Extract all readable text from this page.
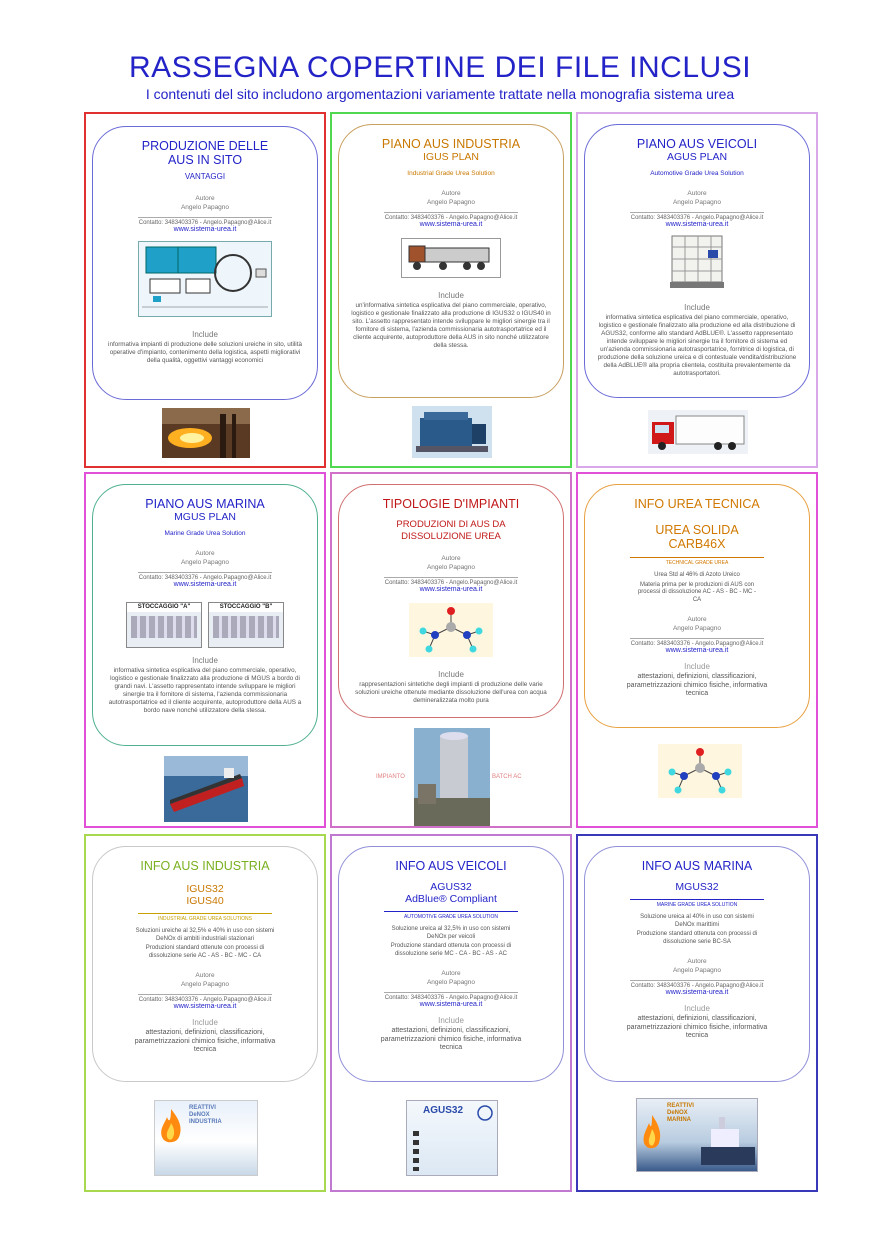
RASSEGNA COPERTINE DEI FILE INCLUSI
I contenuti del sito includono argomentazioni variamente trattate nella monografia sistema urea
PRODUZIONE DELLE
AUS IN SITO
VANTAGGI
Autore
Angelo Papagno
Contatto: 3483403376 - Angelo.Papagno@Alice.it
www.sistema-urea.it
Include
informativa impianti di produzione delle soluzioni ureiche in sito, utilità operative d'impianto, contenimento della logistica, aspetti migliorativi della qualità, oggettivi vantaggi economici
PIANO AUS INDUSTRIA
IGUS PLAN
Industrial Grade Urea Solution
Autore
Angelo Papagno
Contatto: 3483403376 - Angelo.Papagno@Alice.it
www.sistema-urea.it
Include
un'informativa sintetica esplicativa del piano commerciale, operativo, logistico e gestionale finalizzato alla produzione di IGUS32 o IGUS40 in sito. L'assetto rappresentato intende sviluppare le migliori sinergie tra il fornitore di sistema, l'azienda commissionaria autotrasportatrice ed il cliente acquirente, autoproduttore della AUS in sito nonché utilizzatore della stessa.
PIANO AUS VEICOLI
AGUS PLAN
Automotive Grade Urea Solution
Autore
Angelo Papagno
Contatto: 3483403376 - Angelo.Papagno@Alice.it
www.sistema-urea.it
Include
informativa sintetica esplicativa del piano commerciale, operativo, logistico e gestionale finalizzato alla produzione ed alla distribuzione di AGUS32, conforme allo standard AdBLUE®. L'assetto rappresentato intende sviluppare le migliori sinergie tra il fornitore di sistema ed un'azienda commissionaria autotrasportatrice, fornitrice di logistica, di produzione della soluzione ureica e di contestuale vendita/distribuzione della AdBLUE® alla propria clientela, costituita prevalentemente da autotrasportatori.
PIANO AUS MARINA
MGUS PLAN
Marine Grade Urea Solution
Autore
Angelo Papagno
Contatto: 3483403376 - Angelo.Papagno@Alice.it
www.sistema-urea.it
STOCCAGGIO "A"	STOCCAGGIO "B"
Include
informativa sintetica esplicativa del piano commerciale, operativo, logistico e gestionale finalizzato alla produzione di MGUS a bordo di grandi navi. L'assetto rappresentato intende sviluppare le migliori sinergie tra il fornitore di sistema, l'azienda commissionaria autotrasportatrice ed il cliente acquirente, autoproduttore della AUS a bordo nave nonché utilizzatore della stessa.
TIPOLOGIE D'IMPIANTI
PRODUZIONI DI AUS DA
DISSOLUZIONE UREA
Autore
Angelo Papagno
Contatto: 3483403376 - Angelo.Papagno@Alice.it
www.sistema-urea.it
Include
rappresentazioni sintetiche degli impianti di produzione delle varie soluzioni ureiche ottenute mediante dissoluzione dell'urea con acqua demineralizzata molto pura
IMPIANTO	BATCH AC
INFO UREA TECNICA
UREA SOLIDA
CARB46X
TECHNICAL GRADE UREA
Urea Std al 46% di Azoto Ureico
Materia prima per le produzioni di AUS con processi di dissoluzione AC - AS - BC - MC - CA
Autore
Angelo Papagno
Contatto: 3483403376 - Angelo.Papagno@Alice.it
www.sistema-urea.it
Include
attestazioni, definizioni, classificazioni, parametrizzazioni chimico fisiche, informativa tecnica
INFO AUS INDUSTRIA
IGUS32
IGUS40
INDUSTRIAL GRADE UREA SOLUTIONS
Soluzioni ureiche al 32,5% e 40% in uso con sistemi DeNOx di ambiti industriali stazionari
Produzioni standard ottenute con processi di dissoluzione serie AC - AS - BC - MC - CA
Autore
Angelo Papagno
Contatto: 3483403376 - Angelo.Papagno@Alice.it
www.sistema-urea.it
Include
attestazioni, definizioni, classificazioni, parametrizzazioni chimico fisiche, informativa tecnica
REATTIVI DeNOX INDUSTRIA
INFO AUS VEICOLI
AGUS32
AdBlue® Compliant
AUTOMOTIVE GRADE UREA SOLUTION
Soluzione ureica al 32,5% in uso con sistemi DeNOx per veicoli
Produzione standard ottenuta con processi di dissoluzione serie MC - CA - BC - AS - AC
Autore
Angelo Papagno
Contatto: 3483403376 - Angelo.Papagno@Alice.it
www.sistema-urea.it
Include
attestazioni, definizioni, classificazioni, parametrizzazioni chimico fisiche, informativa tecnica
AGUS32
INFO AUS MARINA
MGUS32
MARINE GRADE UREA SOLUTION
Soluzione ureica al 40% in uso con sistemi DeNOx marittimi
Produzione standard ottenuta con processi di dissoluzione serie BC-SA
Autore
Angelo Papagno
Contatto: 3483403376 - Angelo.Papagno@Alice.it
www.sistema-urea.it
Include
attestazioni, definizioni, classificazioni, parametrizzazioni chimico fisiche, informativa tecnica
REATTIVI DeNOX MARINA
